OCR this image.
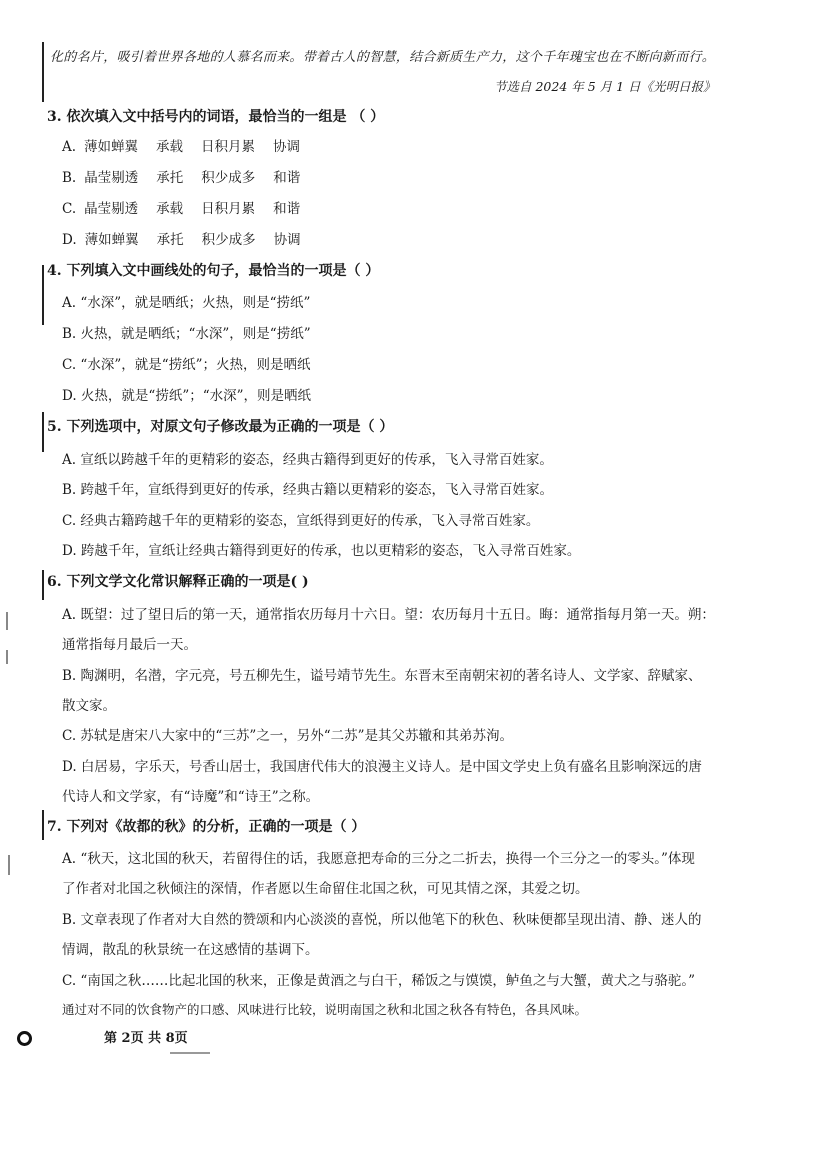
化的名片，吸引着世界各地的人慕名而来。带着古人的智慧，结合新质生产力，这个千年瑰宝也在不断向新而行。
节选自 2024 年 5 月 1 日《光明日报》
3. 依次填入文中括号内的词语，最恰当的一组是 （ ）
A. 薄如蝉翼 承载 日积月累 协调
B. 晶莹剔透 承托 积少成多 和谐
C. 晶莹剔透 承载 日积月累 和谐
D. 薄如蝉翼 承托 积少成多 协调
4. 下列填入文中画线处的句子，最恰当的一项是（ ）
A. “水深”，就是晒纸；火热，则是“捞纸”
B. 火热，就是晒纸；“水深”，则是“捞纸”
C. “水深”，就是“捞纸”；火热，则是晒纸
D. 火热，就是“捞纸”；“水深”，则是晒纸
5. 下列选项中，对原文句子修改最为正确的一项是（ ）
A. 宣纸以跨越千年的更精彩的姿态，经典古籍得到更好的传承，飞入寻常百姓家。
B. 跨越千年，宣纸得到更好的传承，经典古籍以更精彩的姿态，飞入寻常百姓家。
C. 经典古籍跨越千年的更精彩的姿态，宣纸得到更好的传承，飞入寻常百姓家。
D. 跨越千年，宣纸让经典古籍得到更好的传承，也以更精彩的姿态，飞入寻常百姓家。
6. 下列文学文化常识解释正确的一项是( )
A. 既望：过了望日后的第一天，通常指农历每月十六日。望：农历每月十五日。晦：通常指每月第一天。朔：
通常指每月最后一天。
B. 陶渊明，名潜，字元亮，号五柳先生，谥号靖节先生。东晋末至南朝宋初的著名诗人、文学家、辞赋家、
散文家。
C. 苏轼是唐宋八大家中的“三苏”之一，另外“二苏”是其父苏辙和其弟苏洵。
D. 白居易，字乐天，号香山居士，我国唐代伟大的浪漫主义诗人。是中国文学史上负有盛名且影响深远的唐
代诗人和文学家，有“诗魔”和“诗王”之称。
7. 下列对《故都的秋》的分析，正确的一项是（ ）
A. “秋天，这北国的秋天，若留得住的话，我愿意把寿命的三分之二折去，换得一个三分之一的零头。”体现
了作者对北国之秋倾注的深情，作者愿以生命留住北国之秋，可见其情之深，其爱之切。
B. 文章表现了作者对大自然的赞颂和内心淡淡的喜悦，所以他笔下的秋色、秋味便都呈现出清、静、迷人的
情调，散乱的秋景统一在这感情的基调下。
C. “南国之秋……比起北国的秋来，正像是黄酒之与白干，稀饭之与馍馍，鲈鱼之与大蟹，黄犬之与骆驼。”
通过对不同的饮食物产的口感、风味进行比较，说明南国之秋和北国之秋各有特色，各具风味。
第 2页 共 8页
